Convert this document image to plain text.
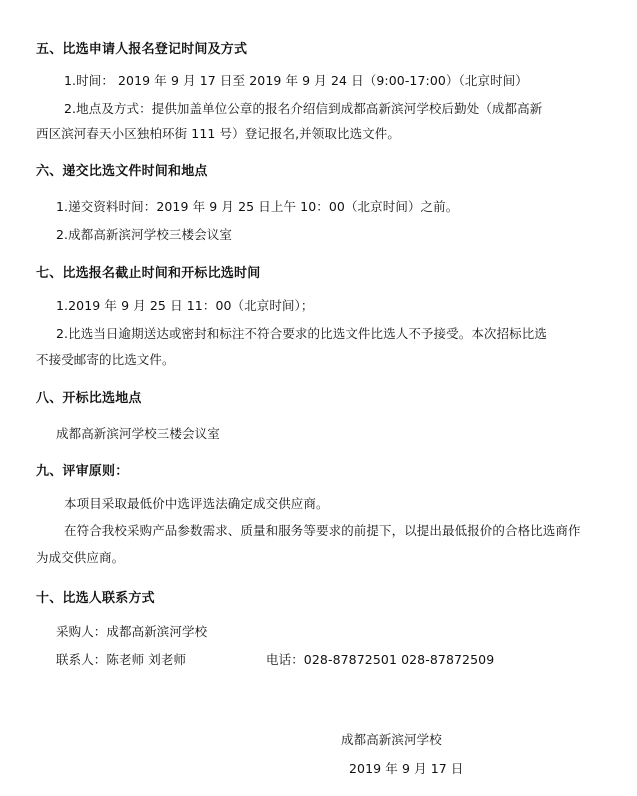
五、比选申请人报名登记时间及方式
1.时间： 2019 年 9 月 17 日至 2019 年 9 月 24 日（9:00-17:00）（北京时间）
2.地点及方式：提供加盖单位公章的报名介绍信到成都高新滨河学校后勤处（成都高新
西区滨河春天小区独柏环街 111 号）登记报名,并领取比选文件。
六、递交比选文件时间和地点
1.递交资料时间：2019 年 9 月 25 日上午 10：00（北京时间）之前。
2.成都高新滨河学校三楼会议室
七、比选报名截止时间和开标比选时间
1.2019 年 9 月 25 日 11：00（北京时间）；
2.比选当日逾期送达或密封和标注不符合要求的比选文件比选人不予接受。本次招标比选
不接受邮寄的比选文件。
八、开标比选地点
成都高新滨河学校三楼会议室
九、评审原则：
本项目采取最低价中选评选法确定成交供应商。
在符合我校采购产品参数需求、质量和服务等要求的前提下，以提出最低报价的合格比选商作
为成交供应商。
十、比选人联系方式
采购人：成都高新滨河学校
联系人：陈老师 刘老师	电话：028-87872501 028-87872509
成都高新滨河学校
2019 年 9 月 17 日
